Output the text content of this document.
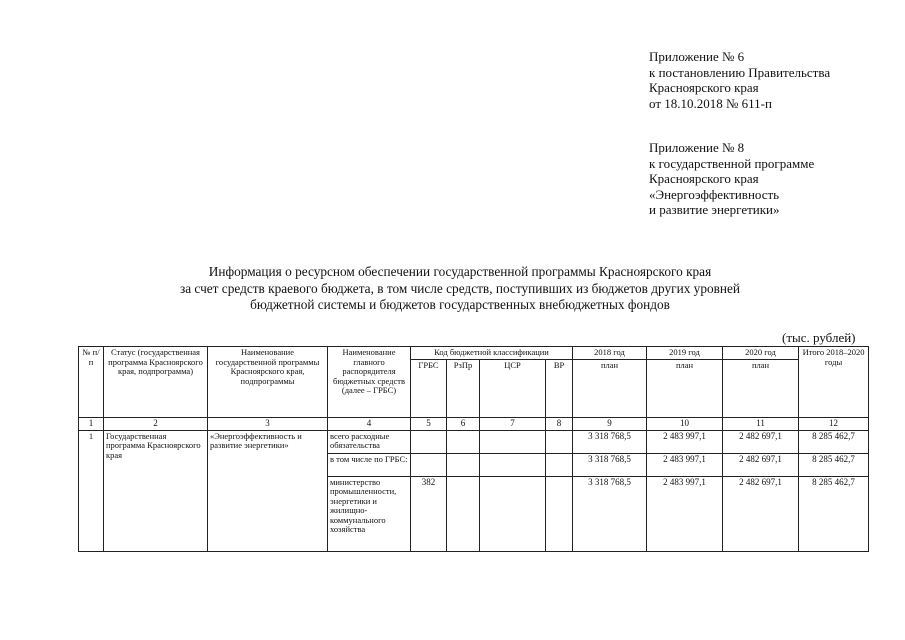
Приложение № 6
к постановлению Правительства
Красноярского края
от 18.10.2018 № 611-п
Приложение № 8
к государственной программе
Красноярского края
«Энергоэффективность
и развитие энергетики»
Информация о ресурсном обеспечении государственной программы Красноярского края
за счет средств краевого бюджета, в том числе средств, поступивших из бюджетов других уровней
бюджетной системы и бюджетов государственных внебюджетных фондов
(тыс. рублей)
№ п/п	Статус (государственная программа Красноярского края, подпрограмма)	Наименование государственной программы Красноярского края, подпрограммы	Наименование главного распорядителя бюджетных средств (далее – ГРБС)	Код бюджетной классификации				2018 год	2019 год	2020 год	Итого 2018–2020 годы
				ГРБС	РзПр	ЦСР	ВР	план	план	план	
1	2	3	4	5	6	7	8	9	10	11	12
1	Государственная программа Красноярского края	«Энергоэффективность и развитие энергетики»	всего расходные обязательства					3 318 768,5	2 483 997,1	2 482 697,1	8 285 462,7
			в том числе по ГРБС:					3 318 768,5	2 483 997,1	2 482 697,1	8 285 462,7
			министерство промышленности, энергетики и жилищно-коммунального хозяйства	382				3 318 768,5	2 483 997,1	2 482 697,1	8 285 462,7
